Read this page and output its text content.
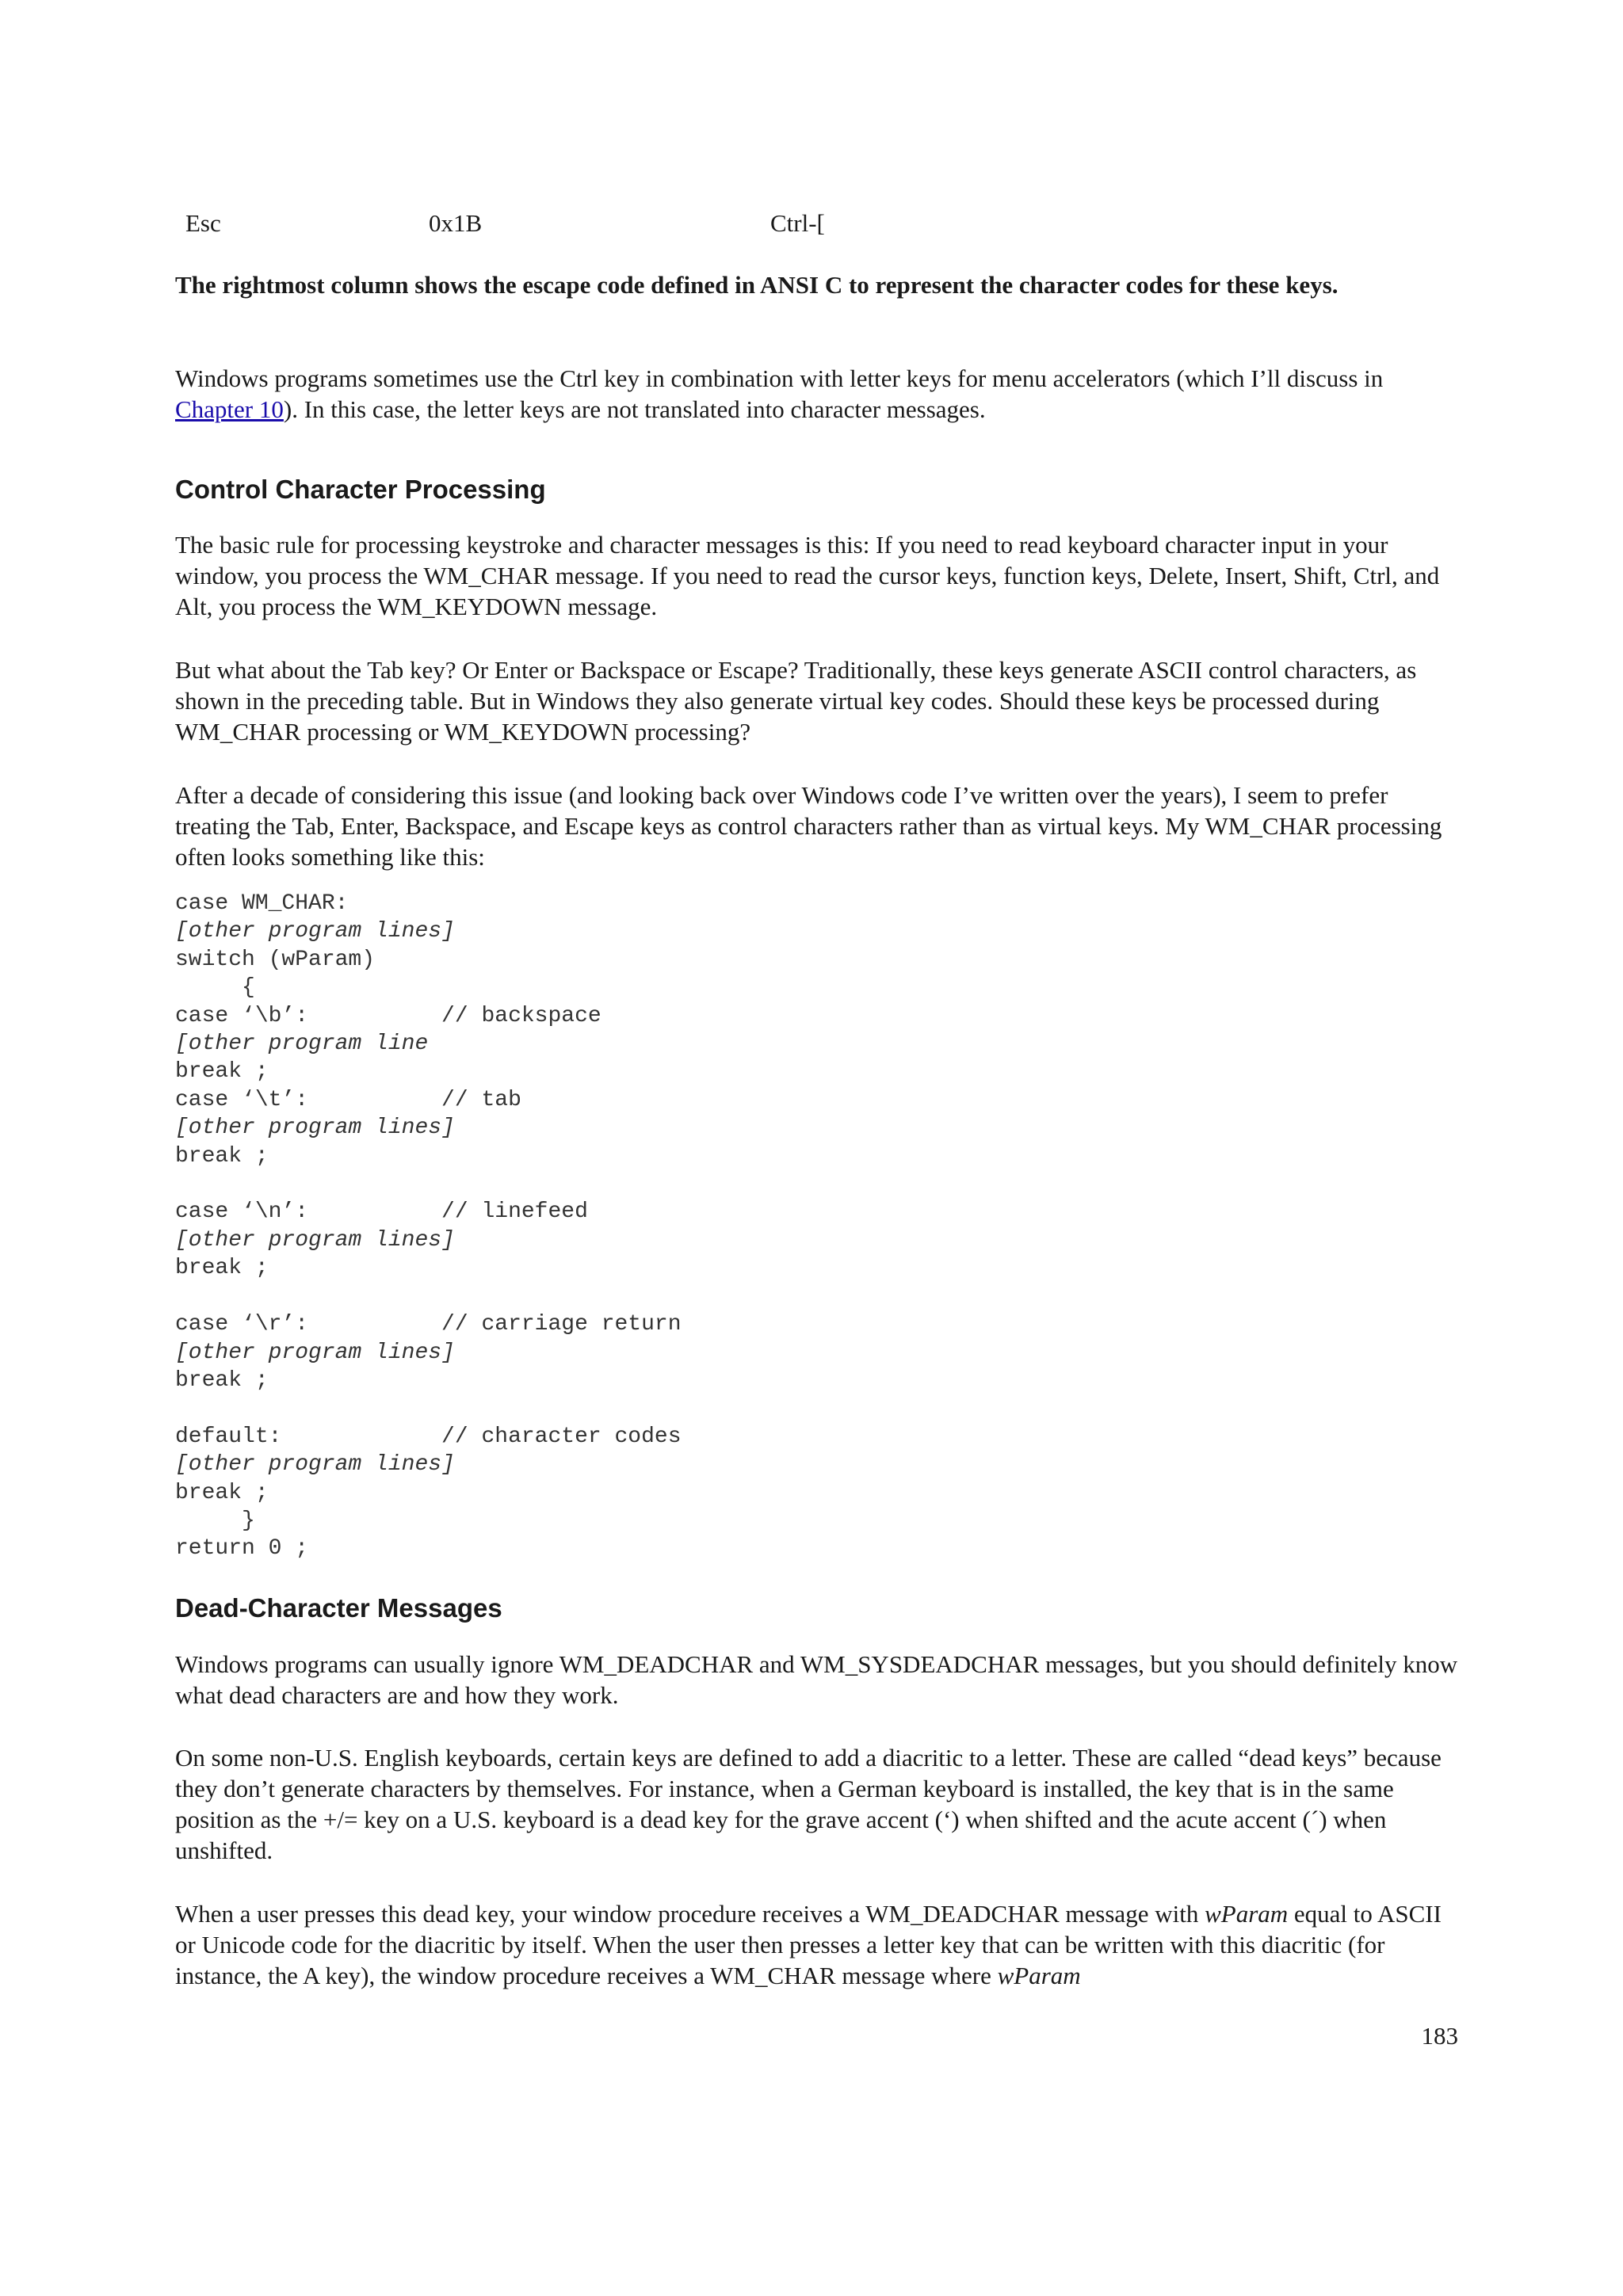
Esc	0x1B	Ctrl-[
The rightmost column shows the escape code defined in ANSI C to represent the character codes for these keys.
Windows programs sometimes use the Ctrl key in combination with letter keys for menu accelerators (which I’ll discuss in Chapter 10). In this case, the letter keys are not translated into character messages.
Control Character Processing
The basic rule for processing keystroke and character messages is this: If you need to read keyboard character input in your window, you process the WM_CHAR message. If you need to read the cursor keys, function keys, Delete, Insert, Shift, Ctrl, and Alt, you process the WM_KEYDOWN message.
But what about the Tab key? Or Enter or Backspace or Escape? Traditionally, these keys generate ASCII control characters, as shown in the preceding table. But in Windows they also generate virtual key codes. Should these keys be processed during WM_CHAR processing or WM_KEYDOWN processing?
After a decade of considering this issue (and looking back over Windows code I’ve written over the years), I seem to prefer treating the Tab, Enter, Backspace, and Escape keys as control characters rather than as virtual keys. My WM_CHAR processing often looks something like this:
case WM_CHAR:
[other program lines]
switch (wParam)
{
case ‘\b’:          // backspace
[other program line
break ;
case ‘\t’:          // tab
[other program lines]
break ;

case ‘\n’:          // linefeed
[other program lines]
break ;

case ‘\r’:          // carriage return
[other program lines]
break ;

default:            // character codes
[other program lines]
break ;
}
return 0 ;
Dead-Character Messages
Windows programs can usually ignore WM_DEADCHAR and WM_SYSDEADCHAR messages, but you should definitely know what dead characters are and how they work.
On some non-U.S. English keyboards, certain keys are defined to add a diacritic to a letter. These are called “dead keys” because they don’t generate characters by themselves. For instance, when a German keyboard is installed, the key that is in the same position as the +/= key on a U.S. keyboard is a dead key for the grave accent (‘) when shifted and the acute accent (´) when unshifted.
When a user presses this dead key, your window procedure receives a WM_DEADCHAR message with wParam equal to ASCII or Unicode code for the diacritic by itself. When the user then presses a letter key that can be written with this diacritic (for instance, the A key), the window procedure receives a WM_CHAR message where wParam
183
